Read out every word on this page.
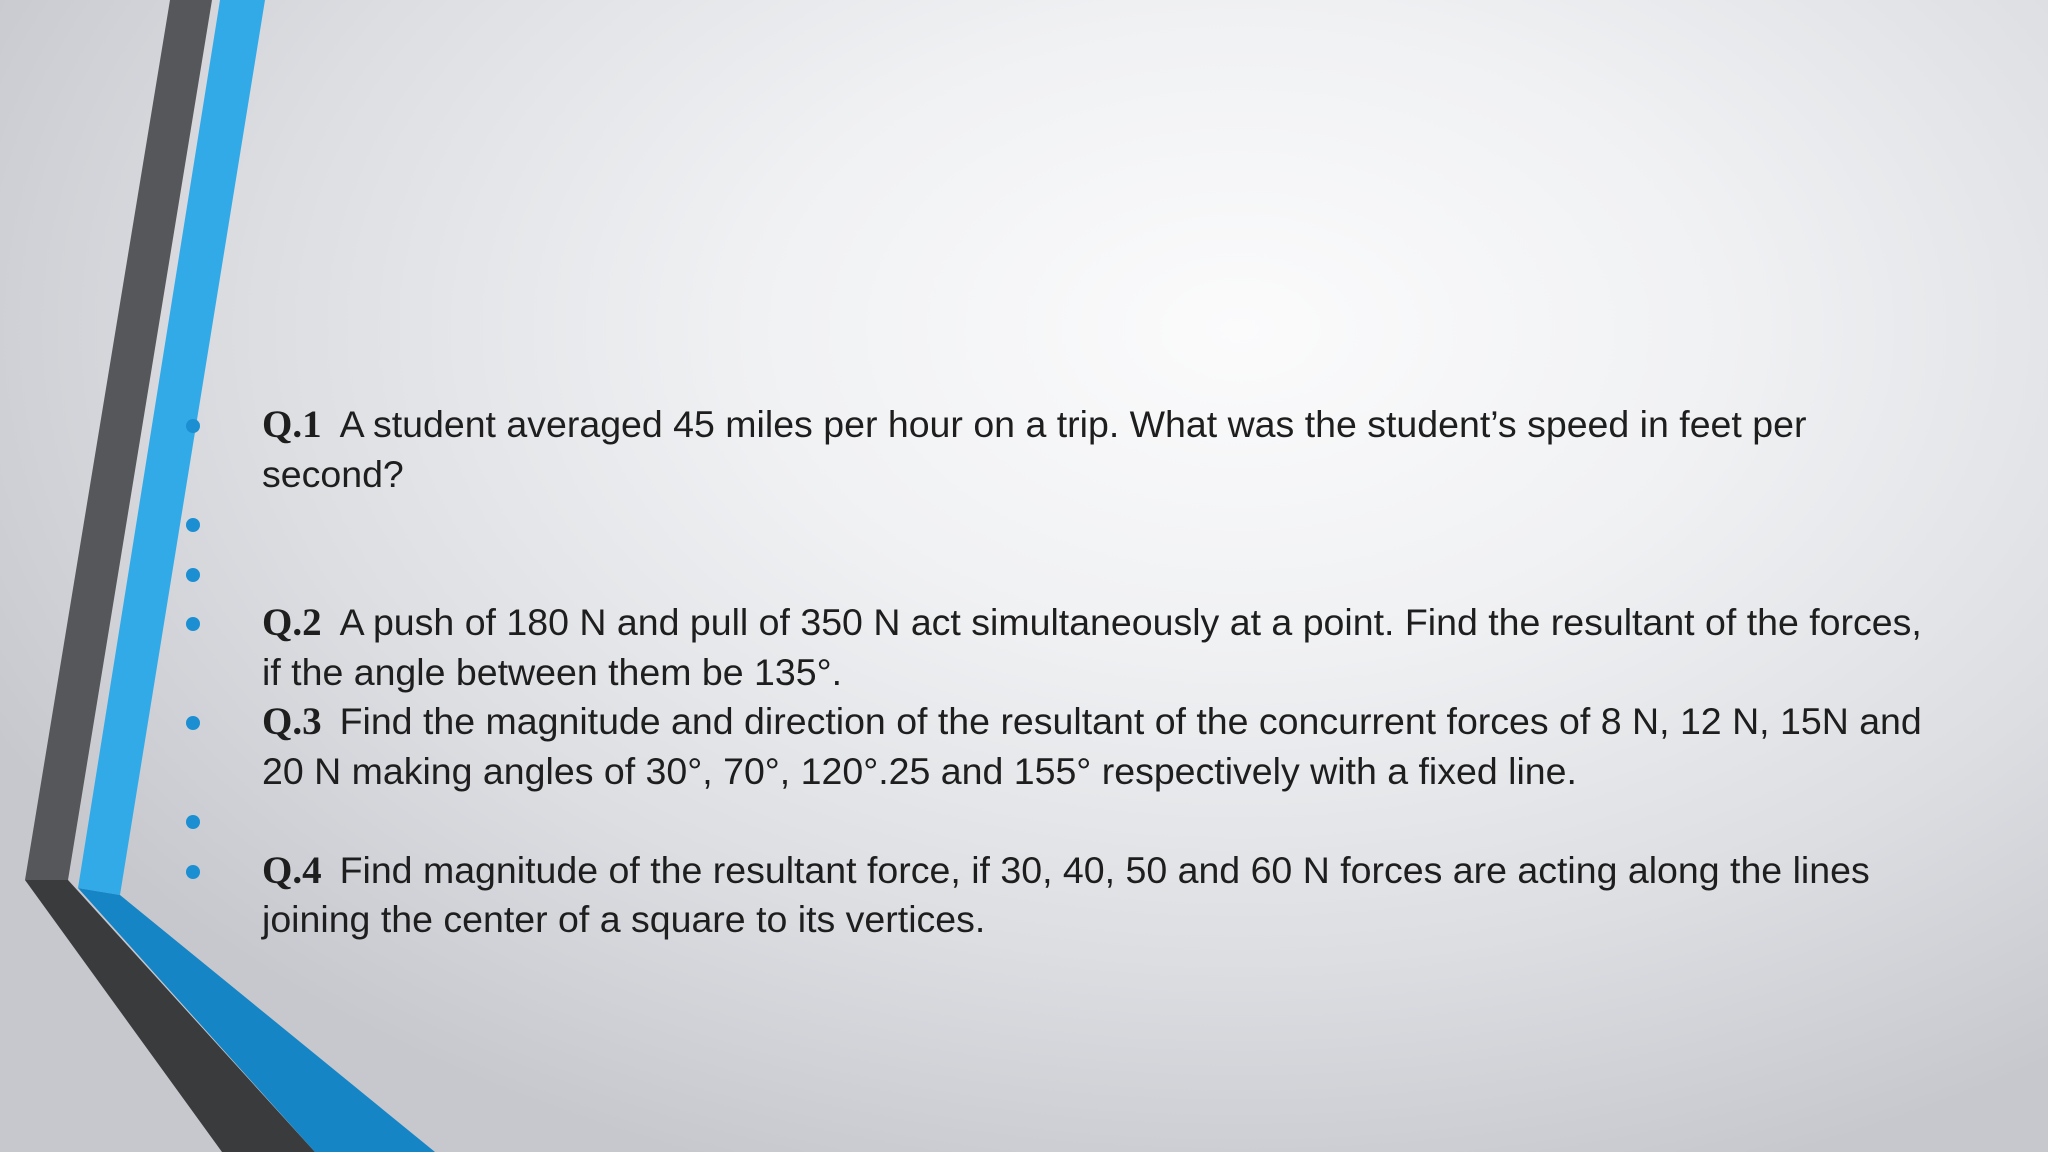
Q.1 A student averaged 45 miles per hour on a trip. What was the student’s speed in feet per second?
Q.2 A push of 180 N and pull of 350 N act simultaneously at a point. Find the resultant of the forces, if the angle between them be 135°.
Q.3 Find the magnitude and direction of the resultant of the concurrent forces of 8 N, 12 N, 15N and 20 N making angles of 30°, 70°, 120°.25 and 155° respectively with a fixed line.
Q.4 Find magnitude of the resultant force, if 30, 40, 50 and 60 N forces are acting along the lines joining the center of a square to its vertices.
